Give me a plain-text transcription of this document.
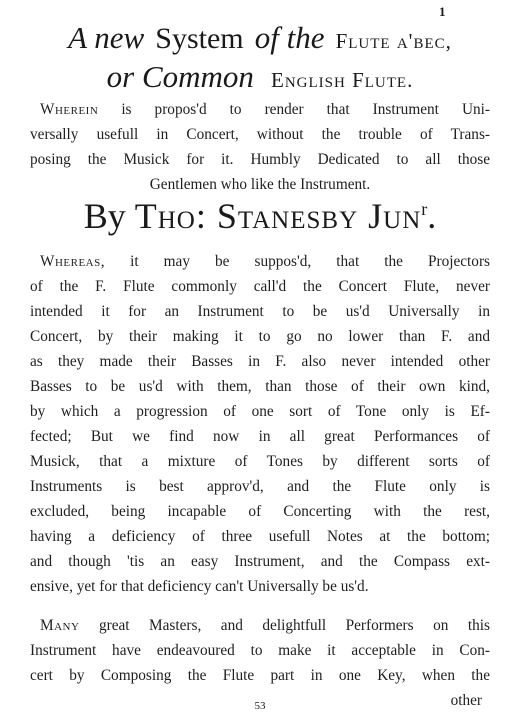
1
A new System of the Flute a'bec,
or Common English Flute.
Wherein is propos'd to render that Instrument Uni-
versally usefull in Concert, without the trouble of Trans-
posing the Musick for it. Humbly Dedicated to all those
Gentlemen who like the Instrument.
By Tho: Stanesby Jun$^r$.
Whereas, it may be suppos'd, that the Projectors
of the F. Flute commonly call'd the Concert Flute, never
intended it for an Instrument to be us'd Universally in
Concert, by their making it to go no lower than F. and
as they made their Basses in F. also never intended other
Basses to be us'd with them, than those of their own kind,
by which a progression of one sort of Tone only is Ef-
fected; But we find now in all great Performances of
Musick, that a mixture of Tones by different sorts of
Instruments is best approv'd, and the Flute only is
excluded, being incapable of Concerting with the rest,
having a deficiency of three usefull Notes at the bottom;
and though 'tis an easy Instrument, and the Compass ext-
ensive, yet for that deficiency can't Universally be us'd.
Many great Masters, and delightfull Performers on this
Instrument have endeavoured to make it acceptable in Con-
cert by Composing the Flute part in one Key, when the
other
53
